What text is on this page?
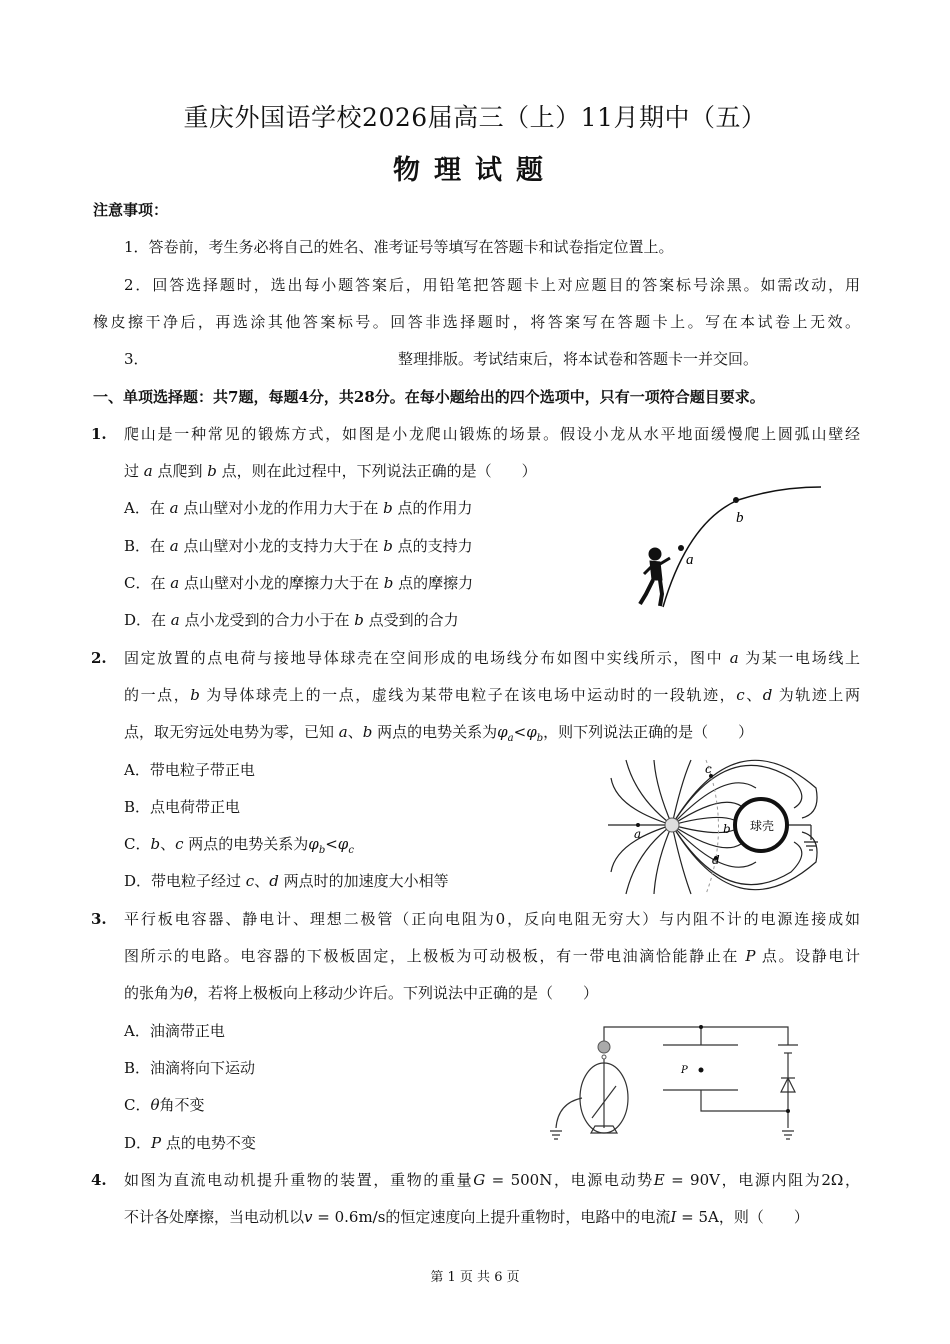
重庆外国语学校2026届高三（上）11月期中（五）
物理试题
注意事项：
1．答卷前，考生务必将自己的姓名、准考证号等填写在答题卡和试卷指定位置上。
2．回答选择题时，选出每小题答案后，用铅笔把答题卡上对应题目的答案标号涂黑。如需改动，用
橡皮擦干净后，再选涂其他答案标号。回答非选择题时，将答案写在答题卡上。写在本试卷上无效。
3．	整理排版。考试结束后，将本试卷和答题卡一并交回。
一、单项选择题：共7题，每题4分，共28分。在每小题给出的四个选项中，只有一项符合题目要求。
1. 爬山是一种常见的锻炼方式，如图是小龙爬山锻炼的场景。假设小龙从水平地面缓慢爬上圆弧山壁经
过 a 点爬到 b 点，则在此过程中，下列说法正确的是（　　）
A．在 a 点山壁对小龙的作用力大于在 b 点的作用力
B．在 a 点山壁对小龙的支持力大于在 b 点的支持力
C．在 a 点山壁对小龙的摩擦力大于在 b 点的摩擦力
D．在 a 点小龙受到的合力小于在 b 点受到的合力
2. 固定放置的点电荷与接地导体球壳在空间形成的电场线分布如图中实线所示，图中 a 为某一电场线上
的一点，b 为导体球壳上的一点，虚线为某带电粒子在该电场中运动时的一段轨迹，c、d 为轨迹上两
点，取无穷远处电势为零，已知 a、b 两点的电势关系为$\varphi_a<\varphi_b$，则下列说法正确的是（　　）
A．带电粒子带正电
B．点电荷带正电
C．b、c 两点的电势关系为$\varphi_b<\varphi_c$
D．带电粒子经过 c、d 两点时的加速度大小相等
3. 平行板电容器、静电计、理想二极管（正向电阻为0，反向电阻无穷大）与内阻不计的电源连接成如
图所示的电路。电容器的下极板固定，上极板为可动极板，有一带电油滴恰能静止在 P 点。设静电计
的张角为θ，若将上极板向上移动少许后。下列说法中正确的是（　　）
A．油滴带正电
B．油滴将向下运动
C．θ角不变
D．P 点的电势不变
4. 如图为直流电动机提升重物的装置，重物的重量G = 500N，电源电动势E = 90V，电源内阻为2Ω，
不计各处摩擦，当电动机以v = 0.6m/s的恒定速度向上提升重物时，电路中的电流I = 5A，则（　　）
a
b
球壳
a	b
c
d
P
第 1 页 共 6 页
